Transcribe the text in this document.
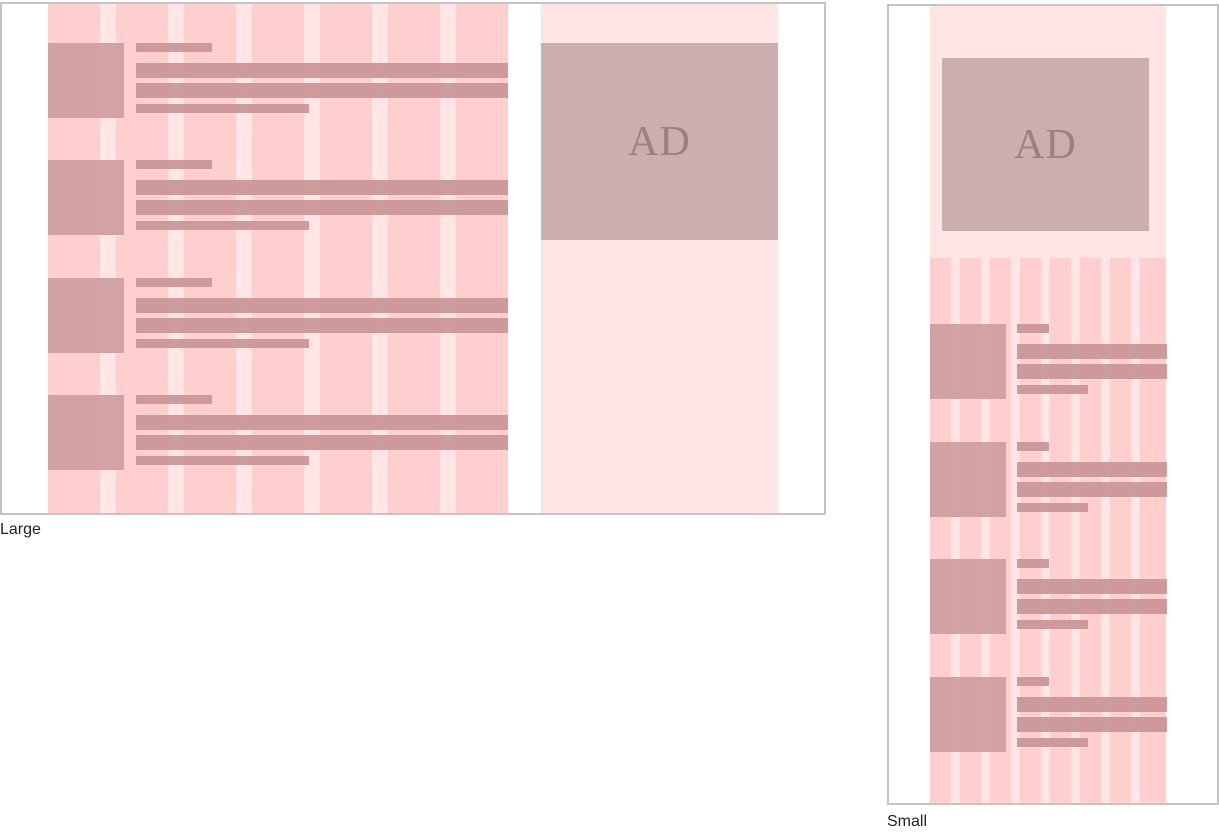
AD
Large
AD
Small
